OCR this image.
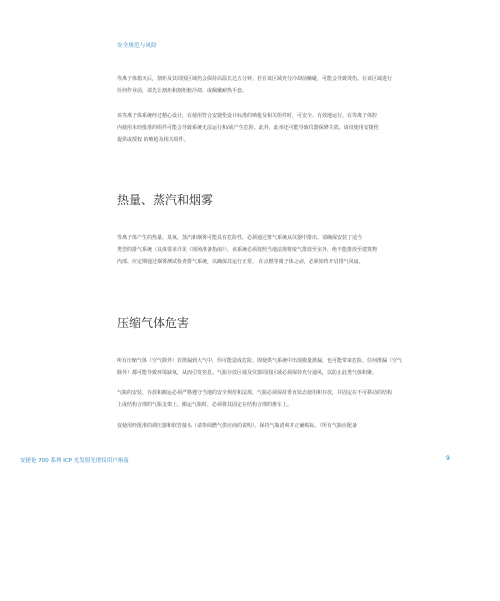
安全规范与风险
等离子体熄灭后，割炬及其周围区域仍会保持高温长达五分钟。若在该区域充分冷却前触碰，可能会导致烫伤。在该区域进行
任何作业前，请先让割炬和割炬舱冷却，或佩戴耐热手套。
该等离子体系统经过精心设计，在使用符合安捷伦设计标准的喷枪及相关组件时，可安全、有效地运行。在等离子体腔
内使用未经批准的组件可能会导致系统无法运行和/或产生危险。此外，此举还可能导致仪器保修失效。请仅使用安捷伦
提供或授权 的喷枪及相关组件。
热量、蒸汽和烟雾
等离子体产生的热量、臭氧、蒸汽和烟雾可能具有危险性，必须通过排气系统从仪器中排出。请确保安装了适当
类型的排气系统（具体要求详见《现场准备指南》）。该系统必须按照当地法规将废气排放至室外，绝不能排放至建筑物
内部。应定期通过烟雾测试检查排气系统，以确保其运行正常。 在点燃等离子体之前，必须始终开启排气风扇。
压缩气体危害
所有压缩气体（空气除外）若泄漏到大气中，均可能造成危险。即使供气系统中出现微量泄漏，也可能带来危险。任何泄漏（空气
除外）都可能导致环境缺氧，从而引发窒息。气瓶存放区域及仪器周围区域必须保持充分通风，以防止此类气体积聚。
气瓶的安装、存放和搬运必须严格遵守当地的安全规范和法规。气瓶必须保持垂直状态使用和存放，并固定在不可移动的结构
上或结构合理的气瓶支架上。搬运气瓶时，必须将其固定在结构合理的推车上。
仅使用经批准的调压器和软管接头（请参阅燃气供应商的说明）。保持气瓶清爽并正确贴标。（所有气瓶应配备
安捷伦 700 系列 ICP 光发射光谱仪用户指南	9
